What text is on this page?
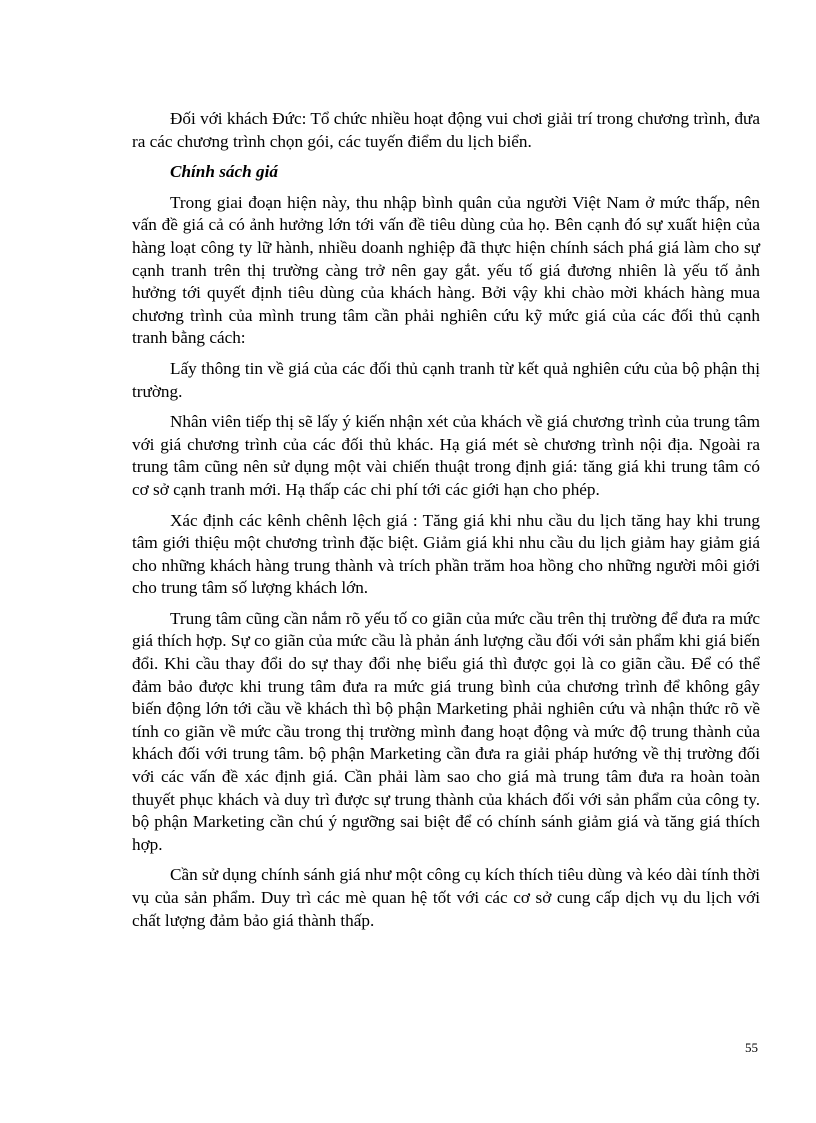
Đối với khách Đức: Tổ chức nhiều hoạt động vui chơi giải trí trong chương trình, đưa ra các chương trình chọn gói, các tuyến điểm du lịch biển.

Chính sách giá

Trong giai đoạn hiện này, thu nhập bình quân của người Việt Nam ở mức thấp, nên vấn đề giá cả có ảnh hưởng lớn tới vấn đề tiêu dùng của họ. Bên cạnh đó sự xuất hiện của hàng loạt công ty lữ hành, nhiều doanh nghiệp đã thực hiện chính sách phá giá làm cho sự cạnh tranh trên thị trường càng trở nên gay gắt. yếu tố giá đương nhiên là yếu tố ảnh hưởng tới quyết định tiêu dùng của khách hàng. Bởi vậy khi chào mời khách hàng mua chương trình của mình trung tâm cần phải nghiên cứu kỹ mức giá của các đối thủ cạnh tranh bằng cách:

Lấy thông tin về giá của các đối thủ cạnh tranh từ kết quả nghiên cứu của bộ phận thị trường.

Nhân viên tiếp thị sẽ lấy ý kiến nhận xét của khách về giá chương trình của trung tâm với giá chương trình của các đối thủ khác. Hạ giá mét sè chương trình nội địa. Ngoài ra trung tâm cũng nên sử dụng một vài chiến thuật trong định giá: tăng giá khi trung tâm có cơ sở cạnh tranh mới. Hạ thấp các chi phí tới các giới hạn cho phép.

Xác định các kênh chênh lệch giá : Tăng giá khi nhu cầu du lịch tăng hay khi trung tâm giới thiệu một chương trình đặc biệt. Giảm giá khi nhu cầu du lịch giảm hay giảm giá cho những khách hàng trung thành và trích phần trăm hoa hồng cho những người môi giới cho trung tâm số lượng khách lớn.

Trung tâm cũng cần nắm rõ yếu tố co giãn của mức cầu trên thị trường để đưa ra mức giá thích hợp. Sự co giãn của mức cầu là phản ánh lượng cầu đối với sản phẩm khi giá biến đổi. Khi cầu thay đổi do sự thay đổi nhẹ biểu giá thì được gọi là co giãn cầu. Để có thể đảm bảo được khi trung tâm đưa ra mức giá trung bình của chương trình để không gây biến động lớn tới cầu về khách thì bộ phận Marketing phải nghiên cứu và nhận thức rõ về tính co giãn về mức cầu trong thị trường mình đang hoạt động và mức độ trung thành của khách đối với trung tâm. bộ phận Marketing cần đưa ra giải pháp hướng về thị trường đối với các vấn đề xác định giá. Cần phải làm sao cho giá mà trung tâm đưa ra hoàn toàn thuyết phục khách và duy trì được sự trung thành của khách đối với sản phẩm của công ty. bộ phận Marketing cần chú ý ngưỡng sai biệt để có chính sánh giảm giá và tăng giá thích hợp.

Cần sử dụng chính sánh giá như một công cụ kích thích tiêu dùng và kéo dài tính thời vụ của sản phẩm. Duy trì các mè quan hệ tốt với các cơ sở cung cấp dịch vụ du lịch với chất lượng đảm bảo giá thành thấp.

55
